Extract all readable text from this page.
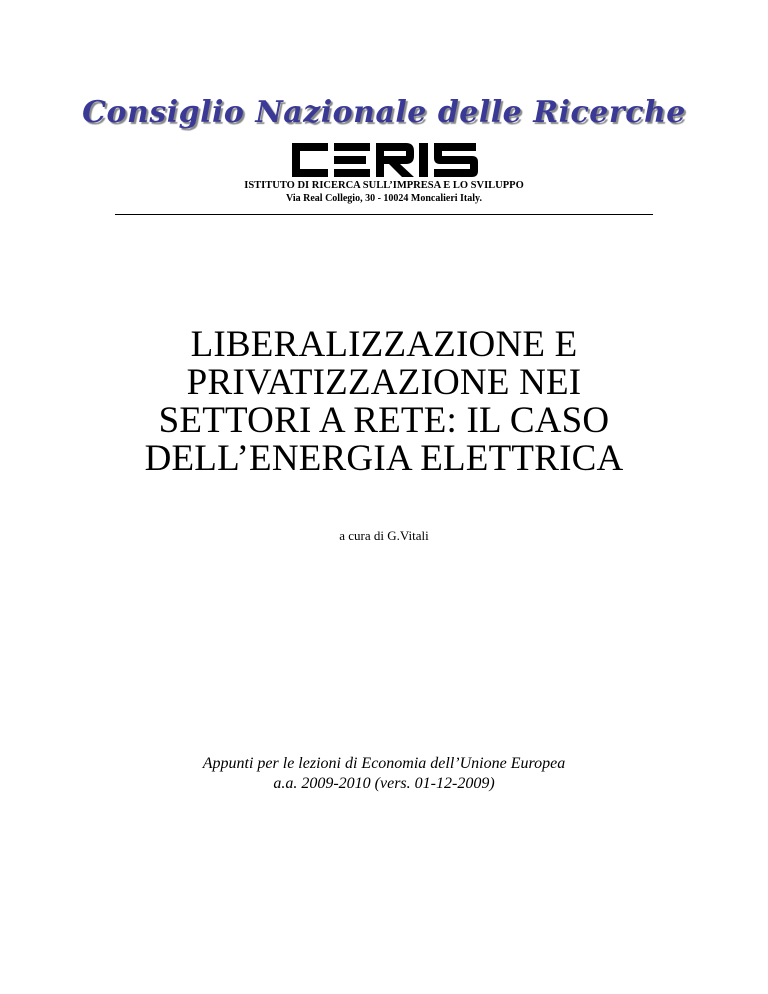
Consiglio Nazionale delle Ricerche
ISTITUTO DI RICERCA SULL’IMPRESA E LO SVILUPPO
Via Real Collegio, 30 - 10024 Moncalieri Italy.
LIBERALIZZAZIONE E
PRIVATIZZAZIONE NEI
SETTORI A RETE: IL CASO
DELL’ENERGIA ELETTRICA
a cura di G.Vitali
Appunti per le lezioni di Economia dell’Unione Europea
a.a. 2009-2010 (vers. 01-12-2009)
